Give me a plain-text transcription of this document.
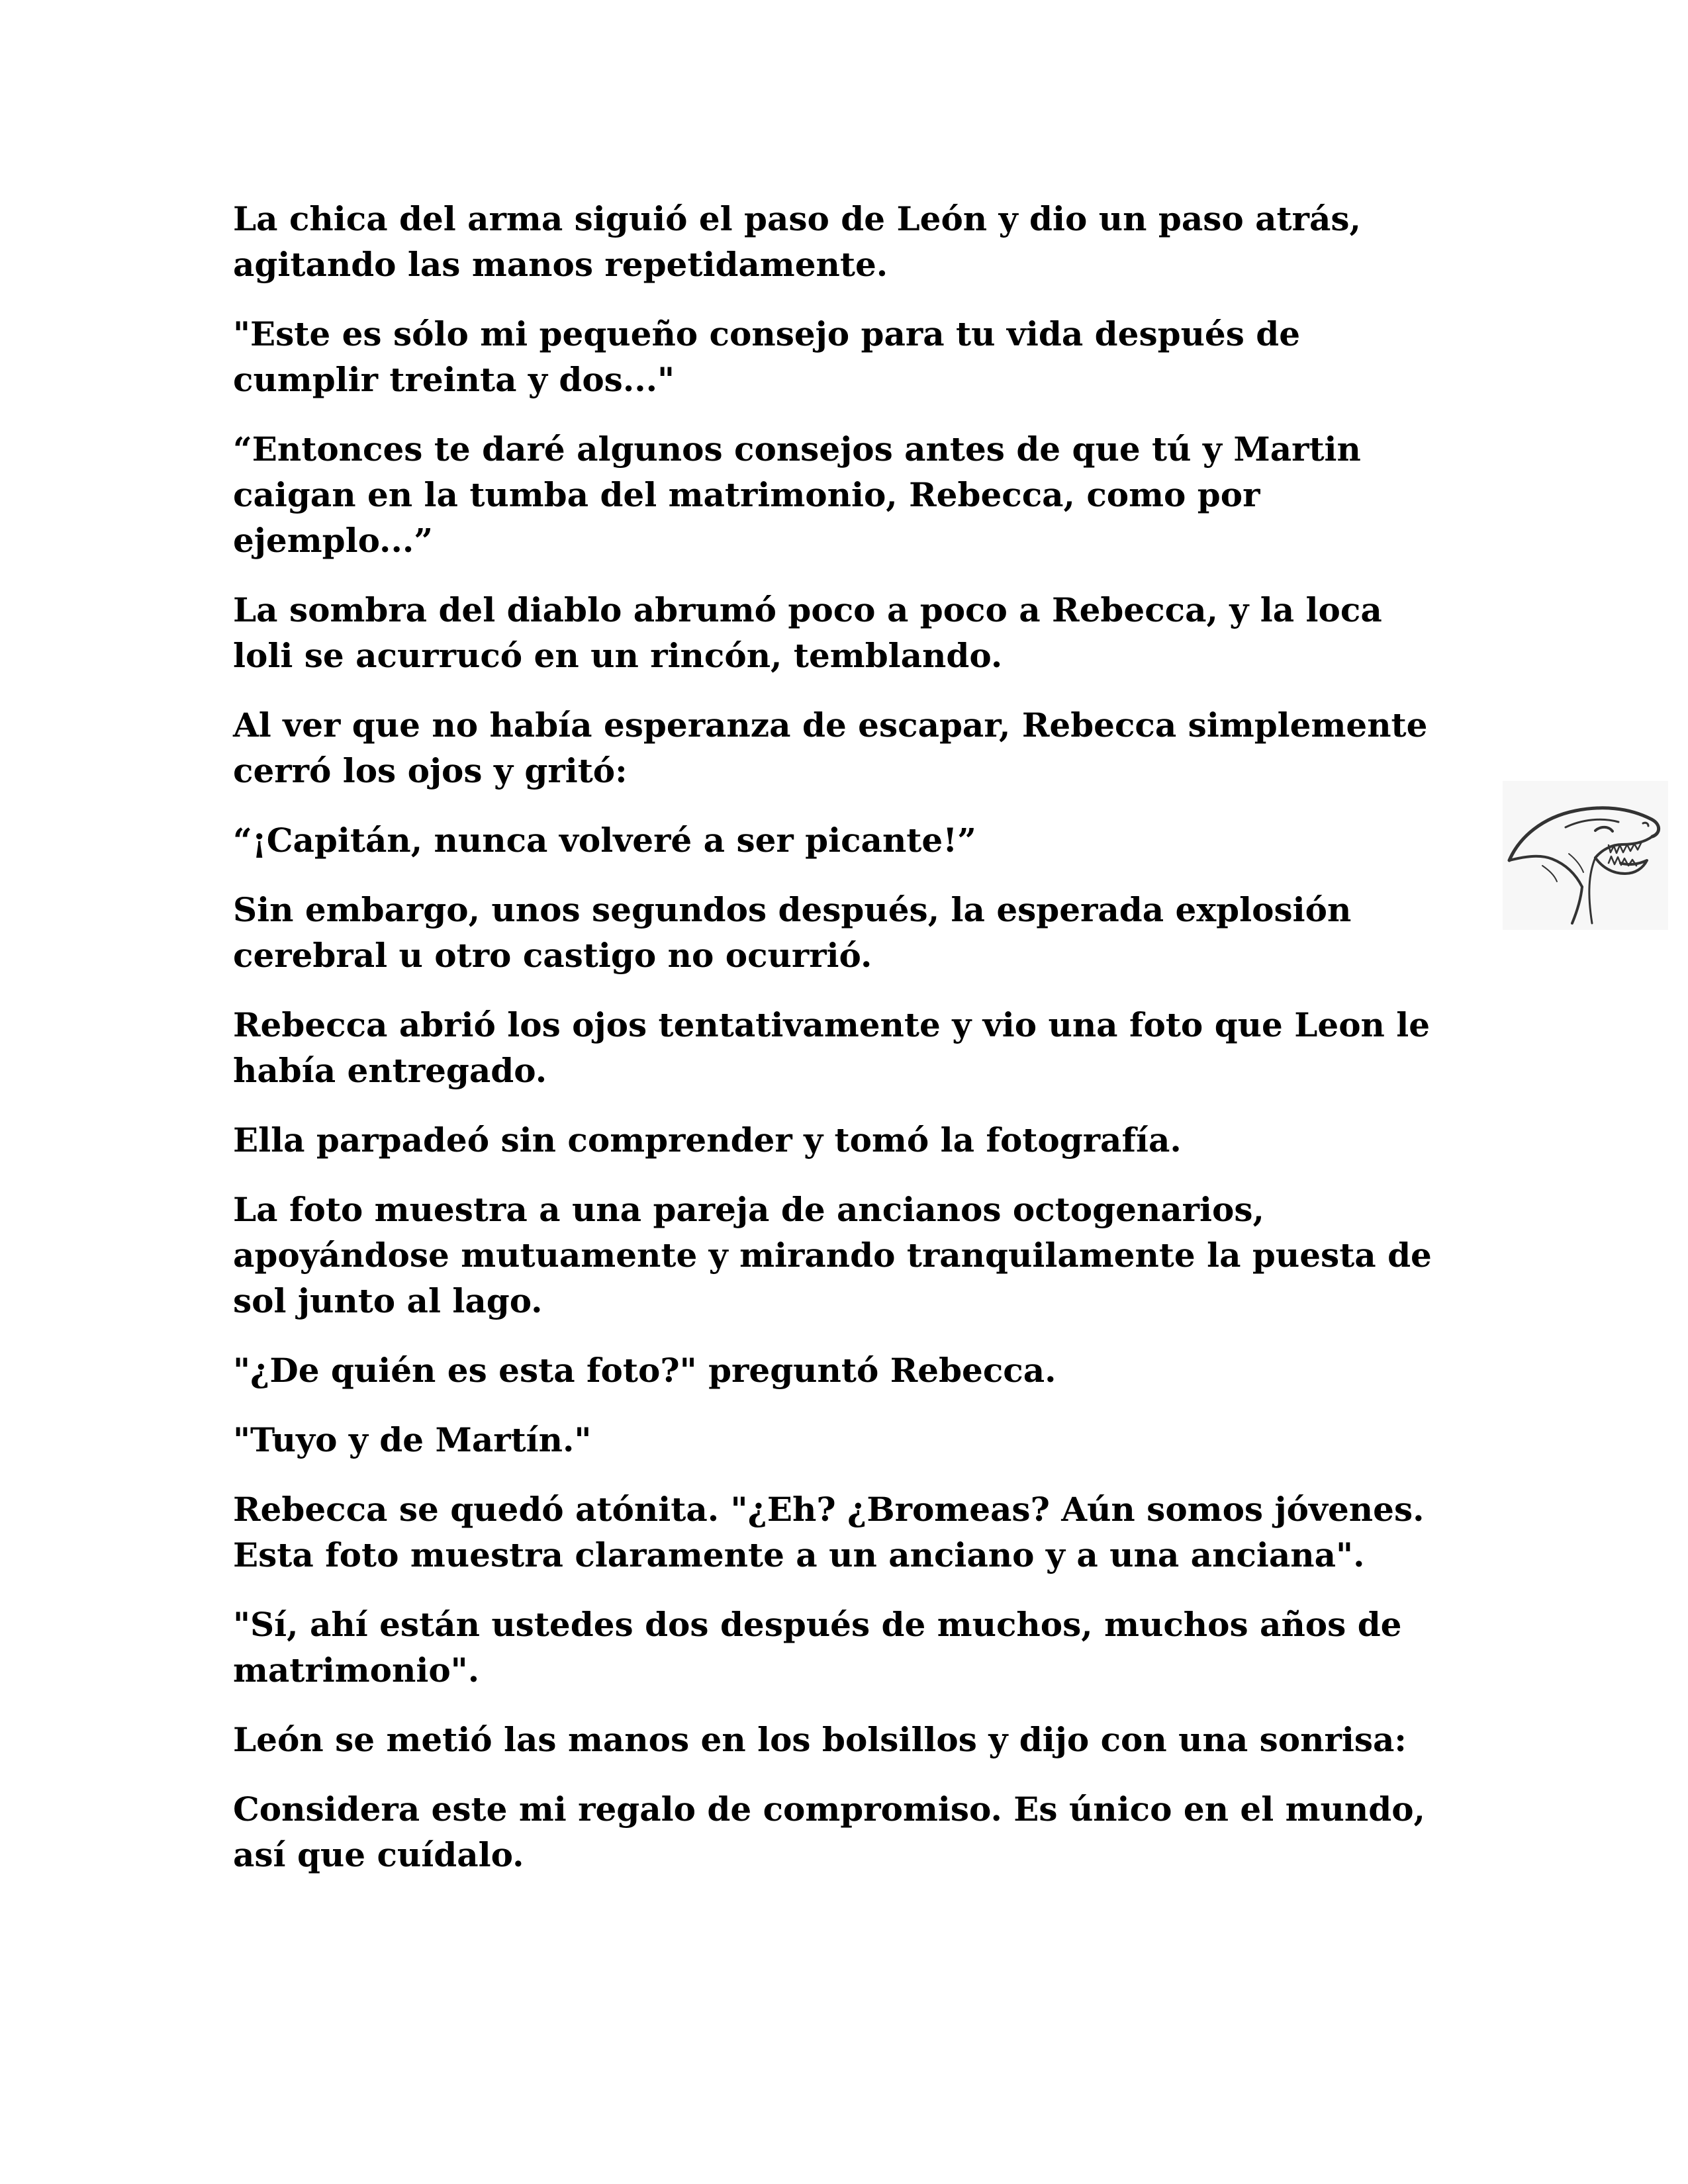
La chica del arma siguió el paso de León y dio un paso atrás, agitando las manos repetidamente.

"Este es sólo mi pequeño consejo para tu vida después de cumplir treinta y dos..."

“Entonces te daré algunos consejos antes de que tú y Martin caigan en la tumba del matrimonio, Rebecca, como por ejemplo...”

La sombra del diablo abrumó poco a poco a Rebecca, y la loca loli se acurrucó en un rincón, temblando.

Al ver que no había esperanza de escapar, Rebecca simplemente cerró los ojos y gritó:

“¡Capitán, nunca volveré a ser picante!”

Sin embargo, unos segundos después, la esperada explosión cerebral u otro castigo no ocurrió.

Rebecca abrió los ojos tentativamente y vio una foto que Leon le había entregado.

Ella parpadeó sin comprender y tomó la fotografía.

La foto muestra a una pareja de ancianos octogenarios, apoyándose mutuamente y mirando tranquilamente la puesta de sol junto al lago.

"¿De quién es esta foto?" preguntó Rebecca.

"Tuyo y de Martín."

Rebecca se quedó atónita. "¿Eh? ¿Bromeas? Aún somos jóvenes. Esta foto muestra claramente a un anciano y a una anciana".

"Sí, ahí están ustedes dos después de muchos, muchos años de matrimonio".

León se metió las manos en los bolsillos y dijo con una sonrisa:

Considera este mi regalo de compromiso. Es único en el mundo, así que cuídalo.
